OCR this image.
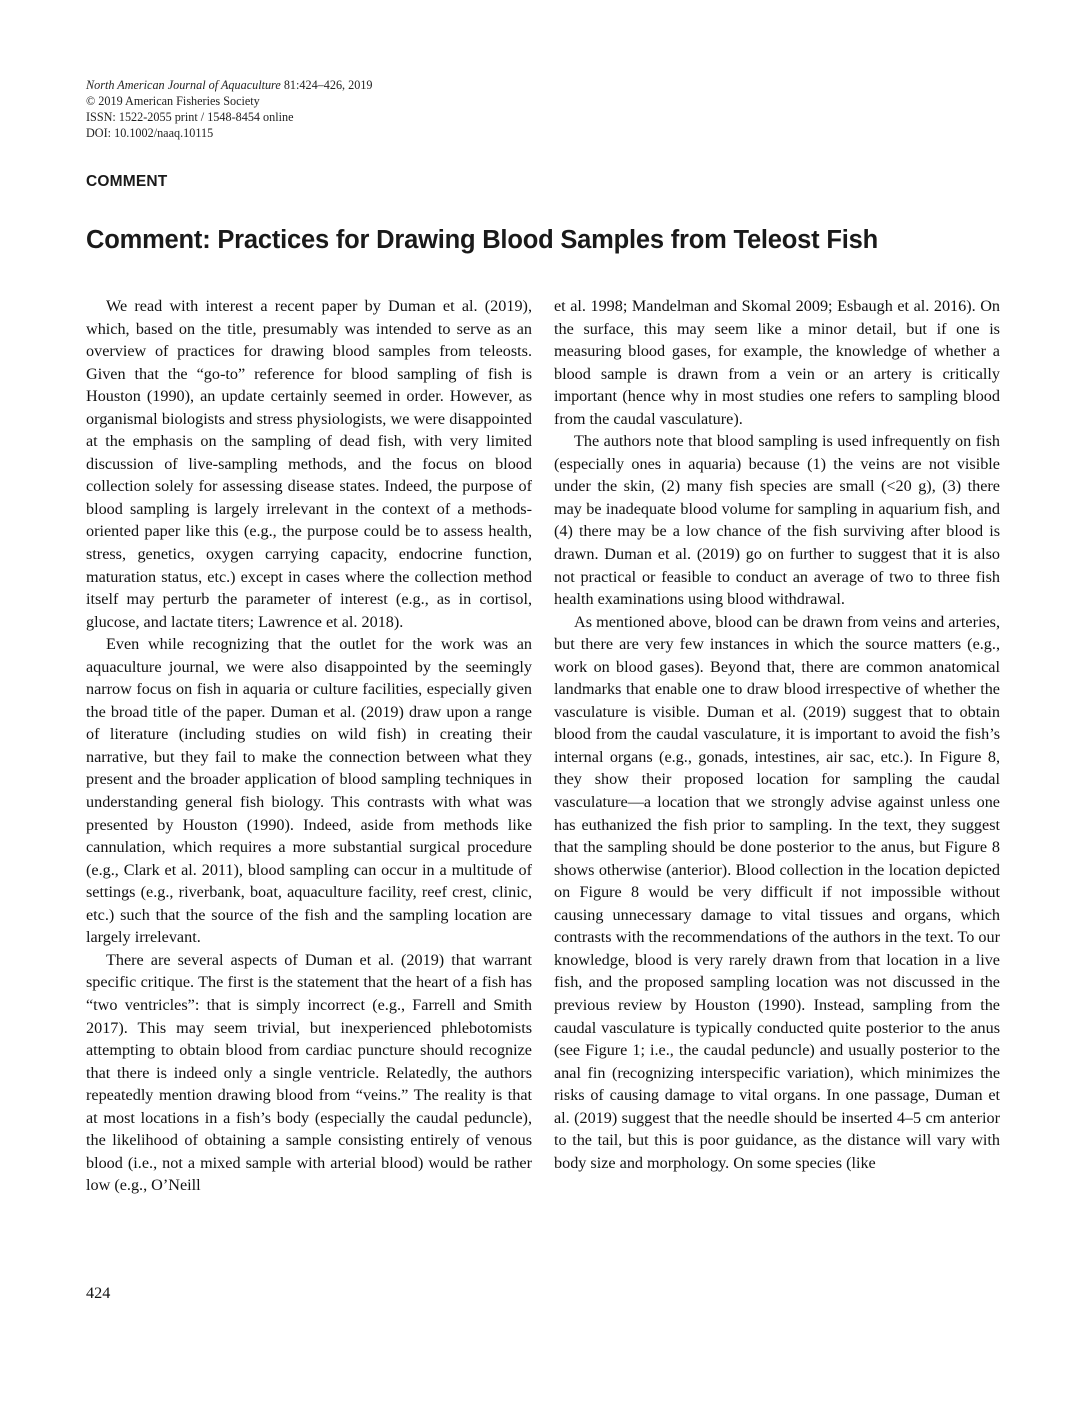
North American Journal of Aquaculture 81:424–426, 2019
© 2019 American Fisheries Society
ISSN: 1522-2055 print / 1548-8454 online
DOI: 10.1002/naaq.10115
COMMENT
Comment: Practices for Drawing Blood Samples from Teleost Fish

We read with interest a recent paper by Duman et al. (2019), which, based on the title, presumably was intended to serve as an overview of practices for drawing blood samples from teleosts. Given that the “go-to” reference for blood sampling of fish is Houston (1990), an update certainly seemed in order. However, as organismal biologists and stress physiologists, we were disappointed at the emphasis on the sampling of dead fish, with very limited discussion of live-sampling methods, and the focus on blood collection solely for assessing disease states. Indeed, the purpose of blood sampling is largely irrelevant in the context of a methods-oriented paper like this (e.g., the purpose could be to assess health, stress, genetics, oxygen carrying capacity, endocrine function, maturation status, etc.) except in cases where the collection method itself may perturb the parameter of interest (e.g., as in cortisol, glucose, and lactate titers; Lawrence et al. 2018).

Even while recognizing that the outlet for the work was an aquaculture journal, we were also disappointed by the seemingly narrow focus on fish in aquaria or culture facilities, especially given the broad title of the paper. Duman et al. (2019) draw upon a range of literature (including studies on wild fish) in creating their narrative, but they fail to make the connection between what they present and the broader application of blood sampling techniques in understanding general fish biology. This contrasts with what was presented by Houston (1990). Indeed, aside from methods like cannulation, which requires a more substantial surgical procedure (e.g., Clark et al. 2011), blood sampling can occur in a multitude of settings (e.g., riverbank, boat, aquaculture facility, reef crest, clinic, etc.) such that the source of the fish and the sampling location are largely irrelevant.

There are several aspects of Duman et al. (2019) that warrant specific critique. The first is the statement that the heart of a fish has “two ventricles”: that is simply incorrect (e.g., Farrell and Smith 2017). This may seem trivial, but inexperienced phlebotomists attempting to obtain blood from cardiac puncture should recognize that there is indeed only a single ventricle. Relatedly, the authors repeatedly mention drawing blood from “veins.” The reality is that at most locations in a fish’s body (especially the caudal peduncle), the likelihood of obtaining a sample consisting entirely of venous blood (i.e., not a mixed sample with arterial blood) would be rather low (e.g., O’Neill

et al. 1998; Mandelman and Skomal 2009; Esbaugh et al. 2016). On the surface, this may seem like a minor detail, but if one is measuring blood gases, for example, the knowledge of whether a blood sample is drawn from a vein or an artery is critically important (hence why in most studies one refers to sampling blood from the caudal vasculature).

The authors note that blood sampling is used infrequently on fish (especially ones in aquaria) because (1) the veins are not visible under the skin, (2) many fish species are small (<20 g), (3) there may be inadequate blood volume for sampling in aquarium fish, and (4) there may be a low chance of the fish surviving after blood is drawn. Duman et al. (2019) go on further to suggest that it is also not practical or feasible to conduct an average of two to three fish health examinations using blood withdrawal.

As mentioned above, blood can be drawn from veins and arteries, but there are very few instances in which the source matters (e.g., work on blood gases). Beyond that, there are common anatomical landmarks that enable one to draw blood irrespective of whether the vasculature is visible. Duman et al. (2019) suggest that to obtain blood from the caudal vasculature, it is important to avoid the fish’s internal organs (e.g., gonads, intestines, air sac, etc.). In Figure 8, they show their proposed location for sampling the caudal vasculature—a location that we strongly advise against unless one has euthanized the fish prior to sampling. In the text, they suggest that the sampling should be done posterior to the anus, but Figure 8 shows otherwise (anterior). Blood collection in the location depicted on Figure 8 would be very difficult if not impossible without causing unnecessary damage to vital tissues and organs, which contrasts with the recommendations of the authors in the text. To our knowledge, blood is very rarely drawn from that location in a live fish, and the proposed sampling location was not discussed in the previous review by Houston (1990). Instead, sampling from the caudal vasculature is typically conducted quite posterior to the anus (see Figure 1; i.e., the caudal peduncle) and usually posterior to the anal fin (recognizing interspecific variation), which minimizes the risks of causing damage to vital organs. In one passage, Duman et al. (2019) suggest that the needle should be inserted 4–5 cm anterior to the tail, but this is poor guidance, as the distance will vary with body size and morphology. On some species (like

424
